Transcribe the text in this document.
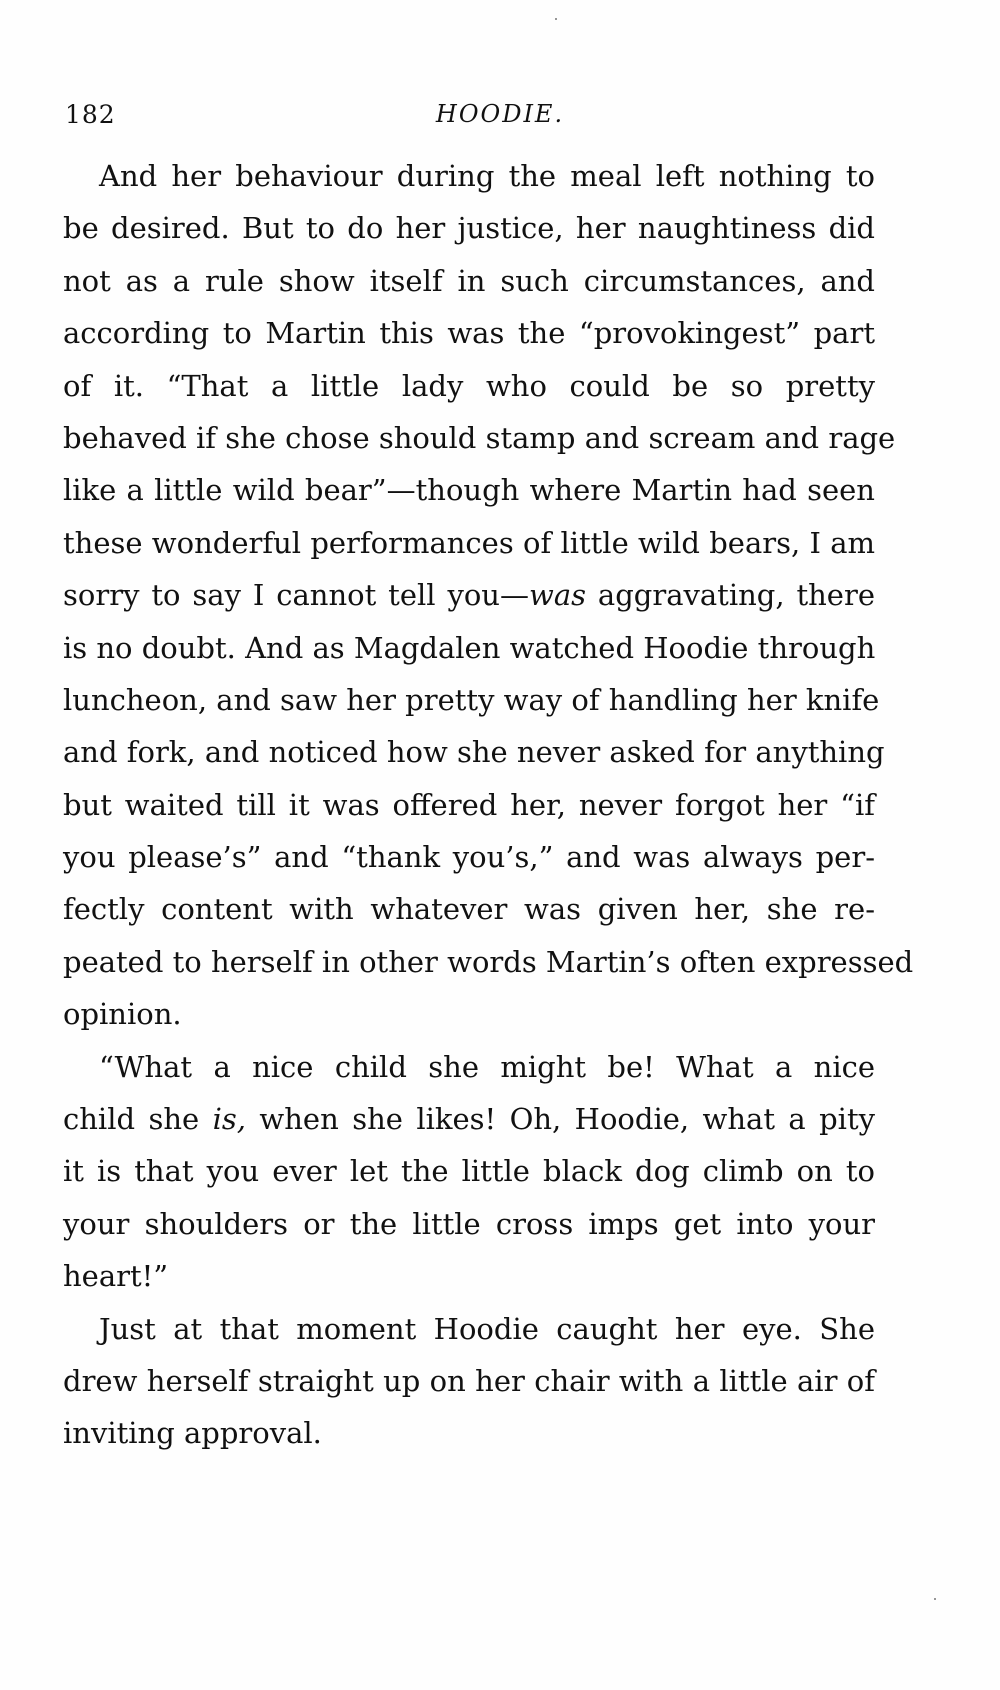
182	HOODIE.
And her behaviour during the meal left nothing to
be desired. But to do her justice, her naughtiness did
not as a rule show itself in such circumstances, and
according to Martin this was the “provokingest” part
of it. “That a little lady who could be so pretty
behaved if she chose should stamp and scream and rage
like a little wild bear”—though where Martin had seen
these wonderful performances of little wild bears, I am
sorry to say I cannot tell you—was aggravating, there
is no doubt. And as Magdalen watched Hoodie through
luncheon, and saw her pretty way of handling her knife
and fork, and noticed how she never asked for anything
but waited till it was offered her, never forgot her “if
you please’s” and “thank you’s,” and was always per-
fectly content with whatever was given her, she re-
peated to herself in other words Martin’s often expressed
opinion.
“What a nice child she might be! What a nice
child she is, when she likes! Oh, Hoodie, what a pity
it is that you ever let the little black dog climb on to
your shoulders or the little cross imps get into your
heart!”
Just at that moment Hoodie caught her eye. She
drew herself straight up on her chair with a little air of
inviting approval.
